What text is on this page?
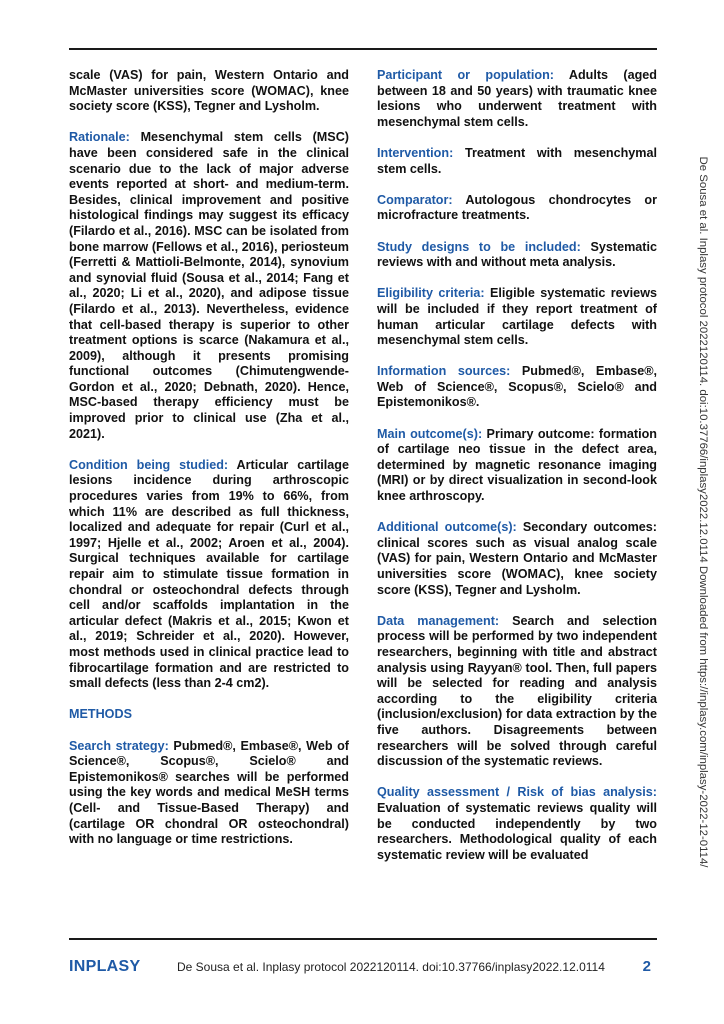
scale (VAS) for pain, Western Ontario and McMaster universities score (WOMAC), knee society score (KSS), Tegner and Lysholm.

Rationale: Mesenchymal stem cells (MSC) have been considered safe in the clinical scenario due to the lack of major adverse events reported at short- and medium-term. Besides, clinical improvement and positive histological findings may suggest its efficacy (Filardo et al., 2016). MSC can be isolated from bone marrow (Fellows et al., 2016), periosteum (Ferretti & Mattioli-Belmonte, 2014), synovium and synovial fluid (Sousa et al., 2014; Fang et al., 2020; Li et al., 2020), and adipose tissue (Filardo et al., 2013). Nevertheless, evidence that cell-based therapy is superior to other treatment options is scarce (Nakamura et al., 2009), although it presents promising functional outcomes (Chimutengwende-Gordon et al., 2020; Debnath, 2020). Hence, MSC-based therapy efficiency must be improved prior to clinical use (Zha et al., 2021).

Condition being studied: Articular cartilage lesions incidence during arthroscopic procedures varies from 19% to 66%, from which 11% are described as full thickness, localized and adequate for repair (Curl et al., 1997; Hjelle et al., 2002; Aroen et al., 2004). Surgical techniques available for cartilage repair aim to stimulate tissue formation in chondral or osteochondral defects through cell and/or scaffolds implantation in the articular defect (Makris et al., 2015; Kwon et al., 2019; Schreider et al., 2020). However, most methods used in clinical practice lead to fibrocartilage formation and are restricted to small defects (less than 2-4 cm2).

METHODS

Search strategy: Pubmed®, Embase®, Web of Science®, Scopus®, Scielo® and Epistemonikos® searches will be performed using the key words and medical MeSH terms (Cell- and Tissue-Based Therapy) and (cartilage OR chondral OR osteochondral) with no language or time restrictions.

Participant or population: Adults (aged between 18 and 50 years) with traumatic knee lesions who underwent treatment with mesenchymal stem cells.

Intervention: Treatment with mesenchymal stem cells.

Comparator: Autologous chondrocytes or microfracture treatments.

Study designs to be included: Systematic reviews with and without meta analysis.

Eligibility criteria: Eligible systematic reviews will be included if they report treatment of human articular cartilage defects with mesenchymal stem cells.

Information sources: Pubmed®, Embase®, Web of Science®, Scopus®, Scielo® and Epistemonikos®.

Main outcome(s): Primary outcome: formation of cartilage neo tissue in the defect area, determined by magnetic resonance imaging (MRI) or by direct visualization in second-look knee arthroscopy.

Additional outcome(s): Secondary outcomes: clinical scores such as visual analog scale (VAS) for pain, Western Ontario and McMaster universities score (WOMAC), knee society score (KSS), Tegner and Lysholm.

Data management: Search and selection process will be performed by two independent researchers, beginning with title and abstract analysis using Rayyan® tool. Then, full papers will be selected for reading and analysis according to the eligibility criteria (inclusion/exclusion) for data extraction by the five authors. Disagreements between researchers will be solved through careful discussion of the systematic reviews.

Quality assessment / Risk of bias analysis: Evaluation of systematic reviews quality will be conducted independently by two researchers. Methodological quality of each systematic review will be evaluated	De Sousa et al. Inplasy protocol 2022120114. doi:10.37766/inplasy2022.12.0114 Downloaded from https://inplasy.com/inplasy-2022-12-0114/
INPLASY	De Sousa et al. Inplasy protocol 2022120114. doi:10.37766/inplasy2022.12.0114	2
